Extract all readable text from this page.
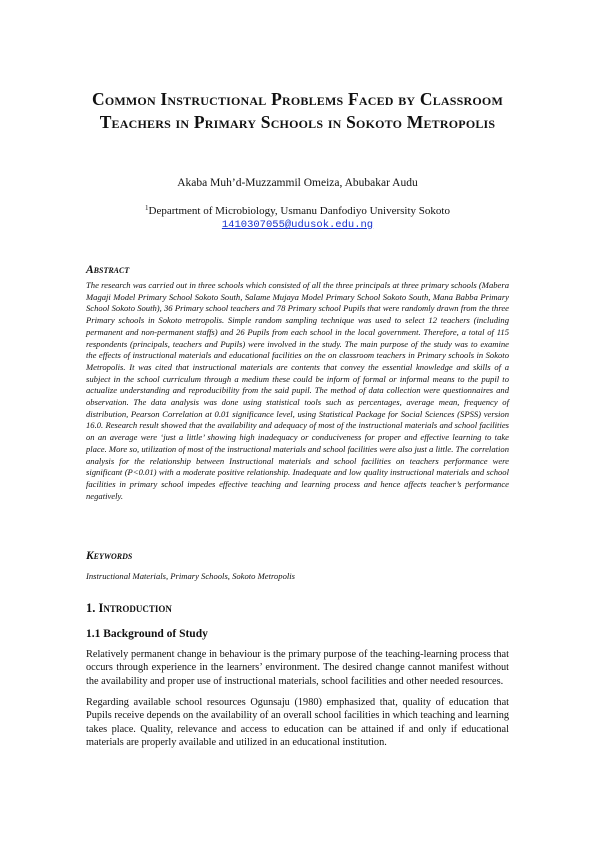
Common Instructional Problems Faced by Classroom Teachers in Primary Schools in Sokoto Metropolis
Akaba Muh’d-Muzzammil Omeiza, Abubakar Audu
$^1$Department of Microbiology, Usmanu Danfodiyo University Sokoto
1410307055@udusok.edu.ng
Abstract
The research was carried out in three schools which consisted of all the three principals at three primary schools (Mabera Magaji Model Primary School Sokoto South, Salame Mujaya Model Primary School Sokoto South, Mana Babba Primary School Sokoto South), 36 Primary school teachers and 78 Primary school Pupils that were randomly drawn from the three Primary schools in Sokoto metropolis. Simple random sampling technique was used to select 12 teachers (including permanent and non-permanent staffs) and 26 Pupils from each school in the local government. Therefore, a total of 115 respondents (principals, teachers and Pupils) were involved in the study. The main purpose of the study was to examine the effects of instructional materials and educational facilities on the on classroom teachers in Primary schools in Sokoto Metropolis. It was cited that instructional materials are contents that convey the essential knowledge and skills of a subject in the school curriculum through a medium these could be inform of formal or informal means to the pupil to actualize understanding and reproducibility from the said pupil. The method of data collection were questionnaires and observation. The data analysis was done using statistical tools such as percentages, average mean, frequency of distribution, Pearson Correlation at 0.01 significance level, using Statistical Package for Social Sciences (SPSS) version 16.0. Research result showed that the availability and adequacy of most of the instructional materials and school facilities on an average were ‘just a little’ showing high inadequacy or conduciveness for proper and effective learning to take place. More so, utilization of most of the instructional materials and school facilities were also just a little. The correlation analysis for the relationship between Instructional materials and school facilities on teachers performance were significant (P<0.01) with a moderate positive relationship. Inadequate and low quality instructional materials and school facilities in primary school impedes effective teaching and learning process and hence affects teacher’s performance negatively.
Keywords
Instructional Materials, Primary Schools, Sokoto Metropolis
1. Introduction
1.1 Background of Study
Relatively permanent change in behaviour is the primary purpose of the teaching-learning process that occurs through experience in the learners’ environment. The desired change cannot manifest without the availability and proper use of instructional materials, school facilities and other needed resources.
Regarding available school resources Ogunsaju (1980) emphasized that, quality of education that Pupils receive depends on the availability of an overall school facilities in which teaching and learning takes place. Quality, relevance and access to education can be attained if and only if educational materials are properly available and utilized in an educational institution.
